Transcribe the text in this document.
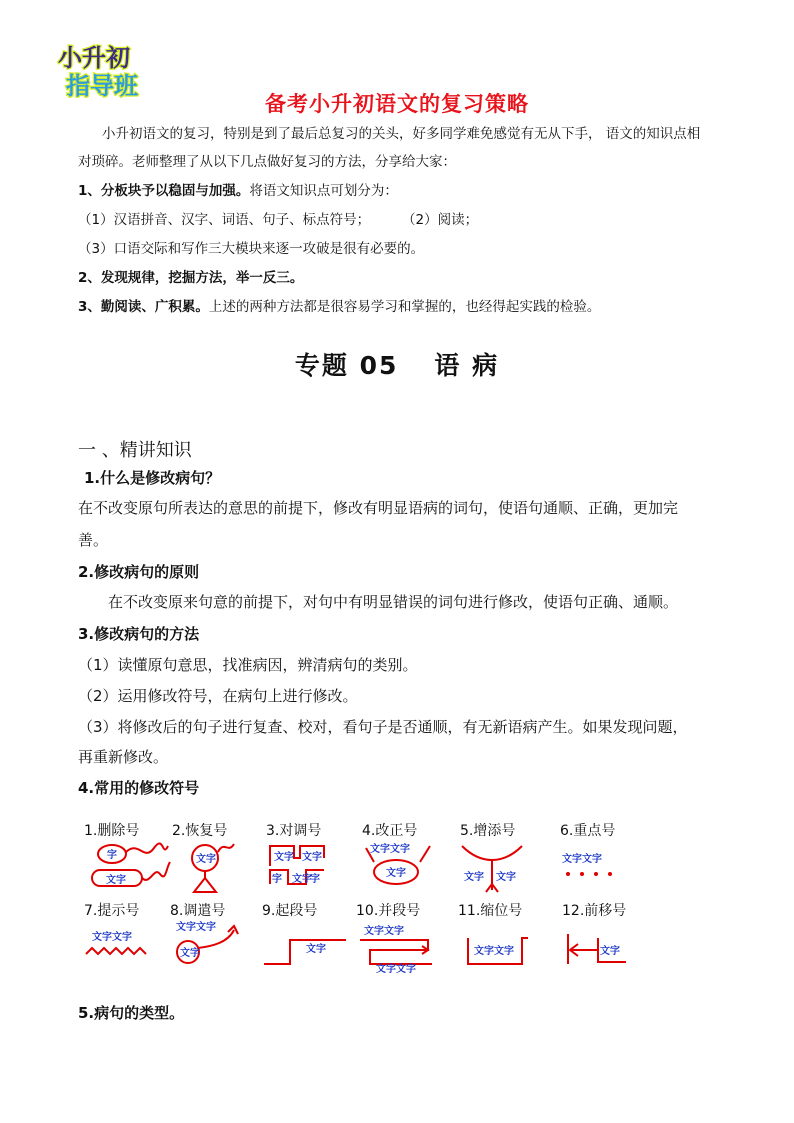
小升初
指导班
备考小升初语文的复习策略
小升初语文的复习，特别是到了最后总复习的关头，好多同学难免感觉有无从下手， 语文的知识点相
对琐碎。老师整理了从以下几点做好复习的方法，分享给大家：
1、分板块予以稳固与加强。将语文知识点可划分为：
（1）汉语拼音、汉字、词语、句子、标点符号； （2）阅读；
（3）口语交际和写作三大模块来逐一攻破是很有必要的。
2、发现规律，挖掘方法，举一反三。
3、勤阅读、广积累。上述的两种方法都是很容易学习和掌握的，也经得起实践的检验。
专题 05 语 病
一 、精讲知识
1.什么是修改病句？
在不改变原句所表达的意思的前提下，修改有明显语病的词句，使语句通顺、正确，更加完
善。
2.修改病句的原则
在不改变原来句意的前提下，对句中有明显错误的词句进行修改，使语句正确、通顺。
3.修改病句的方法
（1）读懂原句意思，找准病因，辨清病句的类别。
（2）运用修改符号，在病句上进行修改。
（3）将修改后的句子进行复查、校对，看句子是否通顺，有无新语病产生。如果发现问题，
再重新修改。
4.常用的修改符号
1.删除号
字
文字
2.恢复号
文字
3.对调号
文字 文字
字 文字
字
4.改正号
文字文字
文字
5.增添号
文字 文字
6.重点号
文字文字
7.提示号
文字文字
8.调遣号
文字文字
文字
9.起段号
文字
10.并段号
文字文字
文字文字
11.缩位号
文字文字
12.前移号
文字
5.病句的类型。
